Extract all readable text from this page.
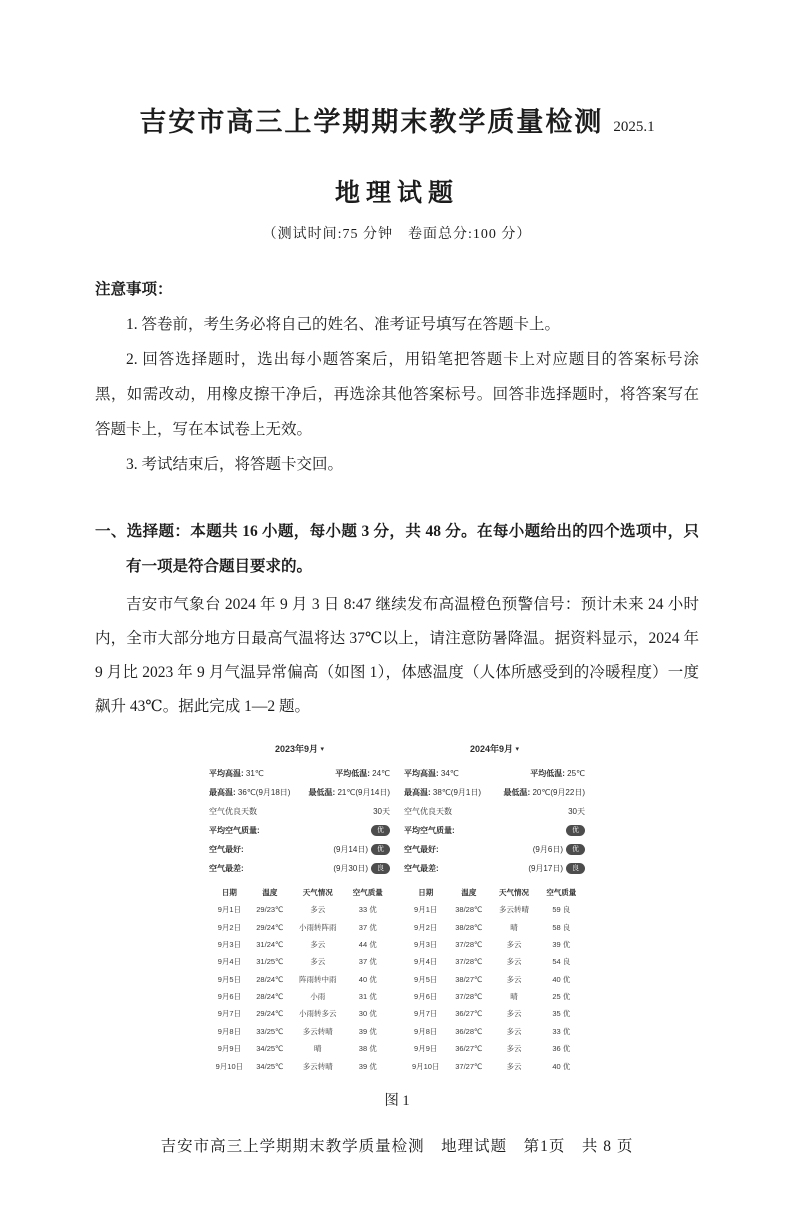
吉安市高三上学期期末教学质量检测 2025.1
地理试题
（测试时间:75 分钟　卷面总分:100 分）
注意事项：
1. 答卷前，考生务必将自己的姓名、准考证号填写在答题卡上。
2. 回答选择题时，选出每小题答案后，用铅笔把答题卡上对应题目的答案标号涂黑，如需改动，用橡皮擦干净后，再选涂其他答案标号。回答非选择题时，将答案写在答题卡上，写在本试卷上无效。
3. 考试结束后，将答题卡交回。
一、选择题：本题共 16 小题，每小题 3 分，共 48 分。在每小题给出的四个选项中，只有一项是符合题目要求的。
吉安市气象台 2024 年 9 月 3 日 8:47 继续发布高温橙色预警信号：预计未来 24 小时内，全市大部分地方日最高气温将达 37℃以上，请注意防暑降温。据资料显示，2024 年 9 月比 2023 年 9 月气温异常偏高（如图 1），体感温度（人体所感受到的冷暖程度）一度飙升 43℃。据此完成 1—2 题。
2023年9月 ▾
平均高温: 31℃	平均低温: 24℃
最高温: 36℃(9月18日) 最低温: 21℃(9月14日)
空气优良天数	30天
平均空气质量:	优
空气最好:	(9月14日)	优
空气最差:	(9月30日)	良
日期	温度	天气情况	空气质量
9月1日	29/23℃	多云	33 优
9月2日	29/24℃	小雨转阵雨	37 优
9月3日	31/24℃	多云	44 优
9月4日	31/25℃	多云	37 优
9月5日	28/24℃	阵雨转中雨	40 优
9月6日	28/24℃	小雨	31 优
9月7日	29/24℃	小雨转多云	30 优
9月8日	33/25℃	多云转晴	39 优
9月9日	34/25℃	晴	38 优
9月10日	34/25℃	多云转晴	39 优
2024年9月 ▾
平均高温: 34℃	平均低温: 25℃
最高温: 38℃(9月1日)	最低温: 20℃(9月22日)
空气优良天数	30天
平均空气质量:	优
空气最好:	(9月6日)	优
空气最差:	(9月17日)	良
日期	温度	天气情况	空气质量
9月1日	38/28℃	多云转晴	59 良
9月2日	38/28℃	晴	58 良
9月3日	37/28℃	多云	39 优
9月4日	37/28℃	多云	54 良
9月5日	38/27℃	多云	40 优
9月6日	37/28℃	晴	25 优
9月7日	36/27℃	多云	35 优
9月8日	36/28℃	多云	33 优
9月9日	36/27℃	多云	36 优
9月10日	37/27℃	多云	40 优
图 1
吉安市高三上学期期末教学质量检测　地理试题　第1页　共 8 页
